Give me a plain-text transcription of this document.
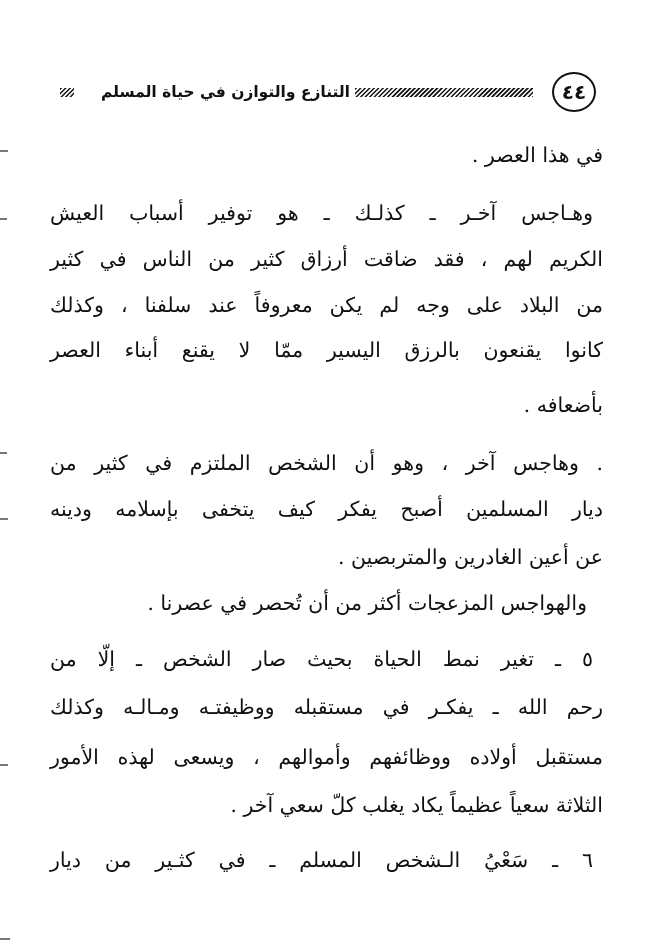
٤٤
التنازع والتوازن في حياة المسلم
في هذا العصر .
وهـاجس آخـر ـ كذلـك ـ هو توفير أسباب العيش
الكريم لهم ، فقد ضاقت أرزاق كثير من الناس في كثير
من البلاد على وجه لم يكن معروفاً عند سلفنا ، وكذلك
كانوا يقنعون بالرزق اليسير ممّا لا يقنع أبناء العصر
بأضعافه .
. وهاجس آخر ، وهو أن الشخص الملتزم في كثير من
ديار المسلمين أصبح يفكر كيف يتخفى بإسلامه ودينه
عن أعين الغادرين والمتربصين .
والهواجس المزعجات أكثر من أن تُحصر في عصرنا .
٥ ـ تغير نمط الحياة بحيث صار الشخص ـ إلّا من
رحم الله ـ يفكـر في مستقبله ووظيفتـه ومـالـه وكذلك
مستقبل أولاده ووظائفهم وأموالهم ، ويسعى لهذه الأمور
الثلاثة سعياً عظيماً يكاد يغلب كلّ سعي آخر .
٦ ـ سَعْيُ الـشخص المسلم ـ في كثـير من ديار
